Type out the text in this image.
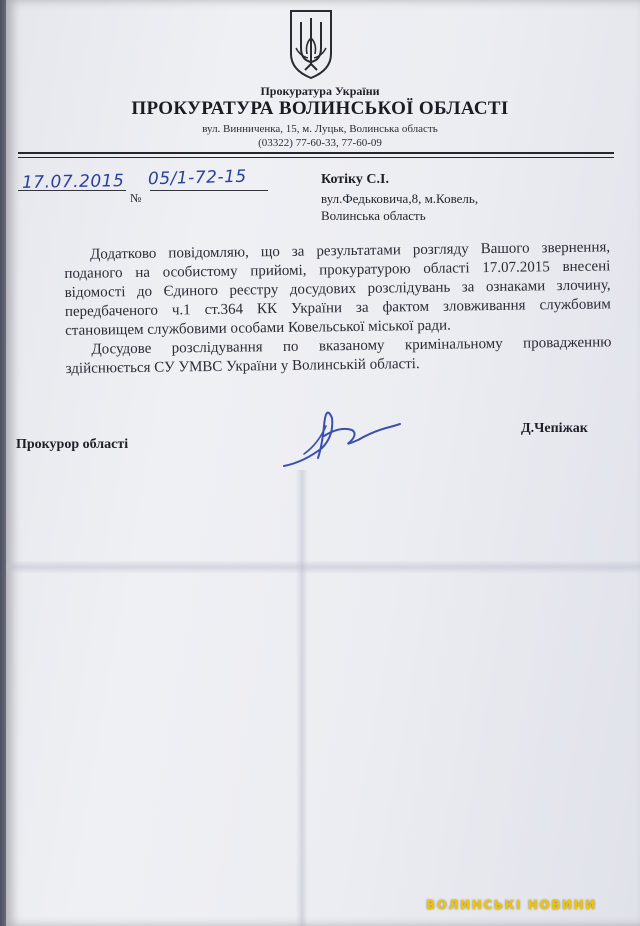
Прокуратура України
ПРОКУРАТУРА ВОЛИНСЬКОЇ ОБЛАСТІ
вул. Винниченка, 15, м. Луцьк, Волинська область
(03322) 77-60-33, 77-60-09
17.07.2015
№
05/1-72-15	Котіку С.І.
вул.Федьковича,8, м.Ковель,
Волинська область

Додатково повідомляю, що за результатами розгляду Вашого звернення, поданого на особистому прийомі, прокуратурою області 17.07.2015 внесені відомості до Єдиного реєстру досудових розслідувань за ознаками злочину, передбаченого ч.1 ст.364 КК України за фактом зловживання службовим становищем службовими особами Ковельської міської ради.

Досудове розслідування по вказаному кримінальному провадженню здійснюється СУ УМВС України у Волинській області.

Прокурор області
Д.Чепіжак
ВОЛИНСЬКІ НОВИНИ
